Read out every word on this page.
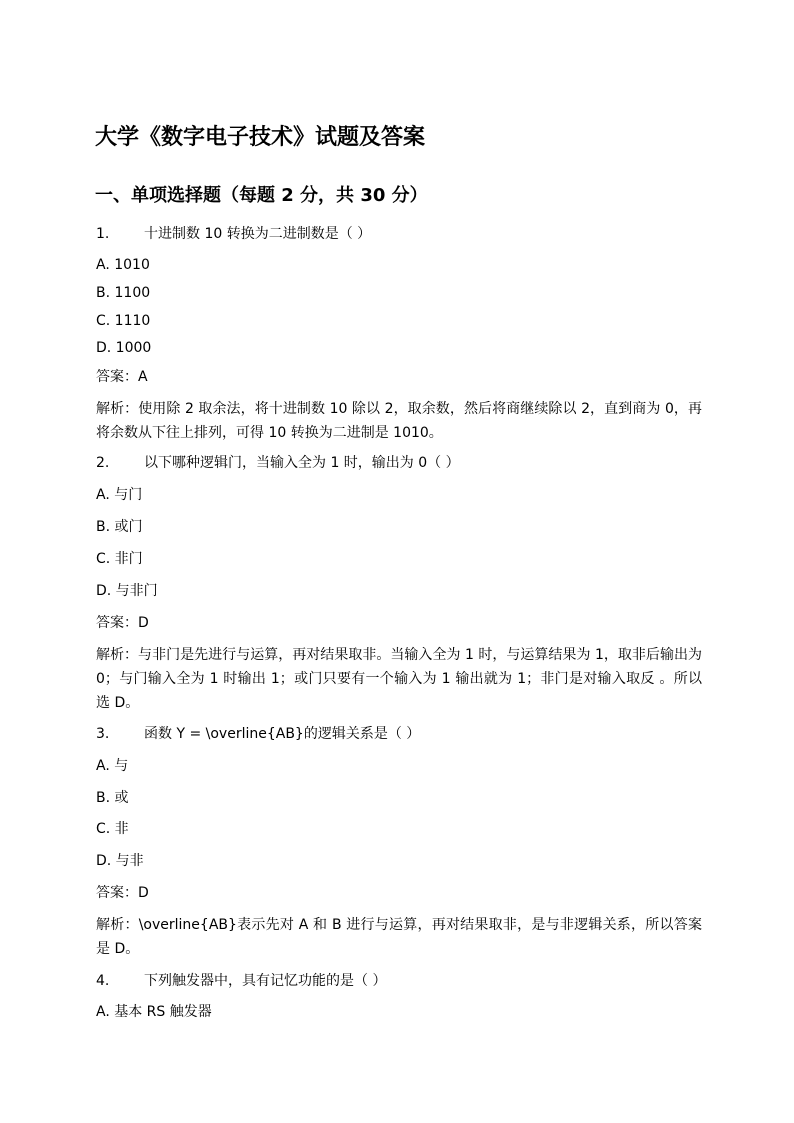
大学《数字电子技术》试题及答案
一、单项选择题（每题 2 分，共 30 分）
1. 十进制数 10 转换为二进制数是（ ）
A. 1010
B. 1100
C. 1110
D. 1000
答案：A

解析：使用除 2 取余法，将十进制数 10 除以 2，取余数，然后将商继续除以 2，直到商为 0，再将余数从下往上排列，可得 10 转换为二进制是 1010。

2. 以下哪种逻辑门，当输入全为 1 时，输出为 0（ ）
A. 与门
B. 或门
C. 非门
D. 与非门
答案：D

解析：与非门是先进行与运算，再对结果取非。当输入全为 1 时，与运算结果为 1，取非后输出为 0；与门输入全为 1 时输出 1；或门只要有一个输入为 1 输出就为 1；非门是对输入取反 。所以选 D。

3. 函数 Y = \overline{AB}的逻辑关系是（ ）
A. 与
B. 或
C. 非
D. 与非
答案：D

解析：\overline{AB}表示先对 A 和 B 进行与运算，再对结果取非，是与非逻辑关系，所以答案是 D。

4. 下列触发器中，具有记忆功能的是（ ）
A. 基本 RS 触发器
